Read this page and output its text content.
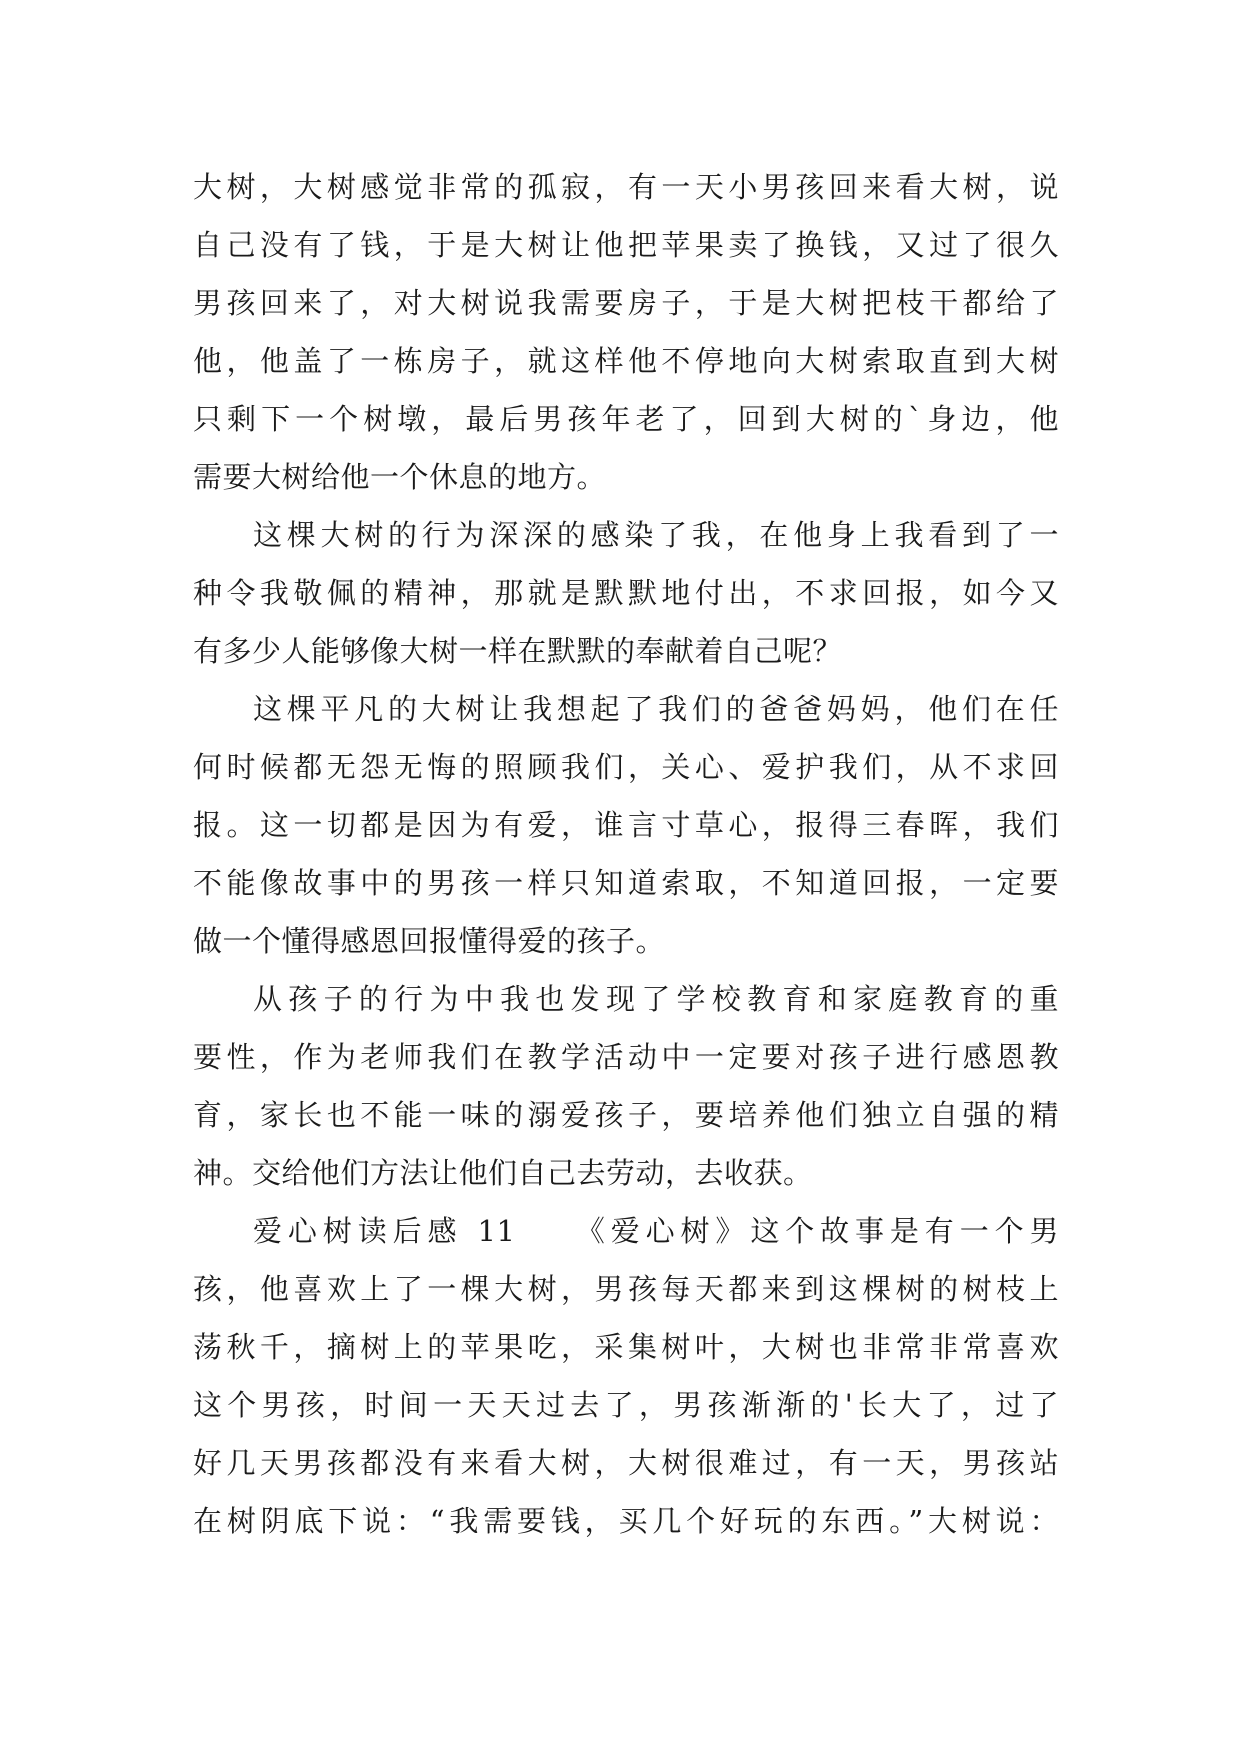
大树，大树感觉非常的孤寂，有一天小男孩回来看大树，说
自己没有了钱，于是大树让他把苹果卖了换钱，又过了很久
男孩回来了，对大树说我需要房子，于是大树把枝干都给了
他，他盖了一栋房子，就这样他不停地向大树索取直到大树
只剩下一个树墩，最后男孩年老了，回到大树的`身边，他
需要大树给他一个休息的地方。
这棵大树的行为深深的感染了我，在他身上我看到了一
种令我敬佩的精神，那就是默默地付出，不求回报，如今又
有多少人能够像大树一样在默默的奉献着自己呢？
这棵平凡的大树让我想起了我们的爸爸妈妈，他们在任
何时候都无怨无悔的照顾我们，关心、爱护我们，从不求回
报。这一切都是因为有爱，谁言寸草心，报得三春晖，我们
不能像故事中的男孩一样只知道索取，不知道回报，一定要
做一个懂得感恩回报懂得爱的孩子。
从孩子的行为中我也发现了学校教育和家庭教育的重
要性，作为老师我们在教学活动中一定要对孩子进行感恩教
育，家长也不能一味的溺爱孩子，要培养他们独立自强的精
神。交给他们方法让他们自己去劳动，去收获。
爱心树读后感 11    《爱心树》这个故事是有一个男
孩，他喜欢上了一棵大树，男孩每天都来到这棵树的树枝上
荡秋千，摘树上的苹果吃，采集树叶，大树也非常非常喜欢
这个男孩，时间一天天过去了，男孩渐渐的'长大了，过了
好几天男孩都没有来看大树，大树很难过，有一天，男孩站
在树阴底下说：“我需要钱，买几个好玩的东西。”大树说：
